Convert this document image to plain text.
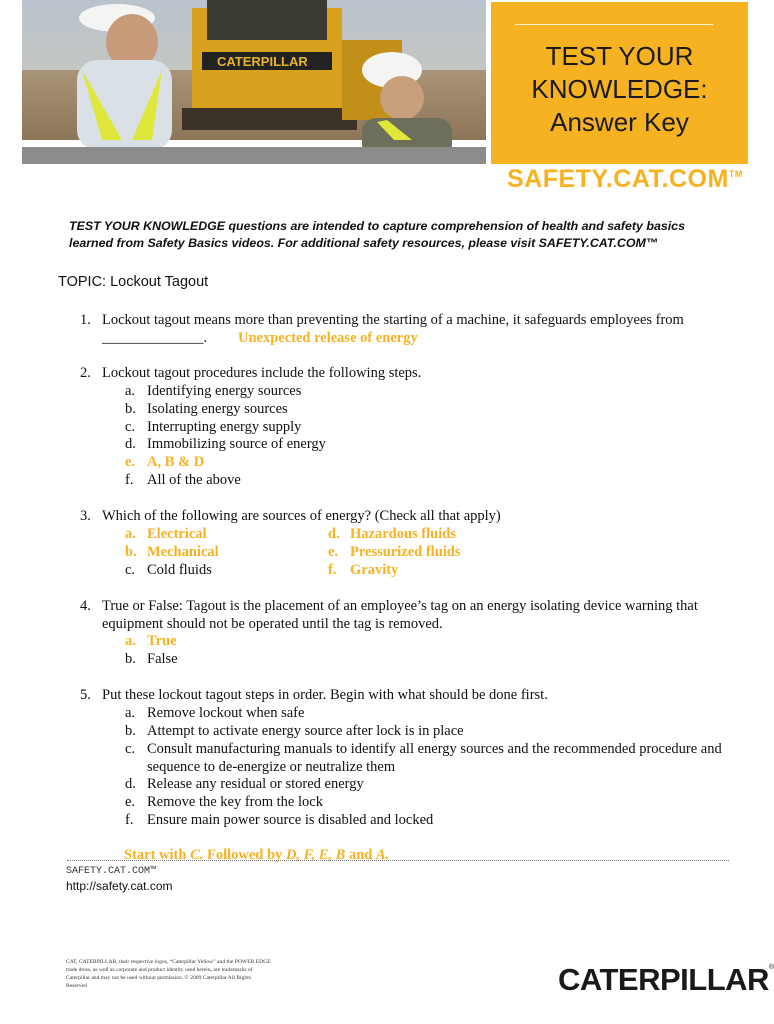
CATERPILLAR	TEST YOUR
KNOWLEDGE:
Answer Key
SAFETY.CAT.COM™
TEST YOUR KNOWLEDGE questions are intended to capture comprehension of health and safety basics learned from Safety Basics videos. For additional safety resources, please visit SAFETY.CAT.COM™
TOPIC: Lockout Tagout
1. Lockout tagout means more than preventing the starting of a machine, it safeguards employees from
______________. Unexpected release of energy
2. Lockout tagout procedures include the following steps.
a. Identifying energy sources
b. Isolating energy sources
c. Interrupting energy supply
d. Immobilizing source of energy
e. A, B & D
f. All of the above
3. Which of the following are sources of energy? (Check all that apply)
a. Electrical
b. Mechanical
c. Cold fluids
d. Hazardous fluids
e. Pressurized fluids
f. Gravity
4. True or False: Tagout is the placement of an employee’s tag on an energy isolating device warning that equipment should not be operated until the tag is removed.
a. True
b. False
5. Put these lockout tagout steps in order. Begin with what should be done first.
a. Remove lockout when safe
b. Attempt to activate energy source after lock is in place
c. Consult manufacturing manuals to identify all energy sources and the recommended procedure and sequence to de-energize or neutralize them
d. Release any residual or stored energy
e. Remove the key from the lock
f. Ensure main power source is disabled and locked
Start with C. Followed by D, F, E, B and A.
SAFETY.CAT.COM™
http://safety.cat.com
CAT, CATERPILLAR, their respective logos, “Caterpillar Yellow” and the POWER EDGE trade dress, as well as corporate and product identity used herein, are trademarks of Caterpillar and may not be used without permission. © 2009 Caterpillar All Rights Reserved	CATERPILLAR®
